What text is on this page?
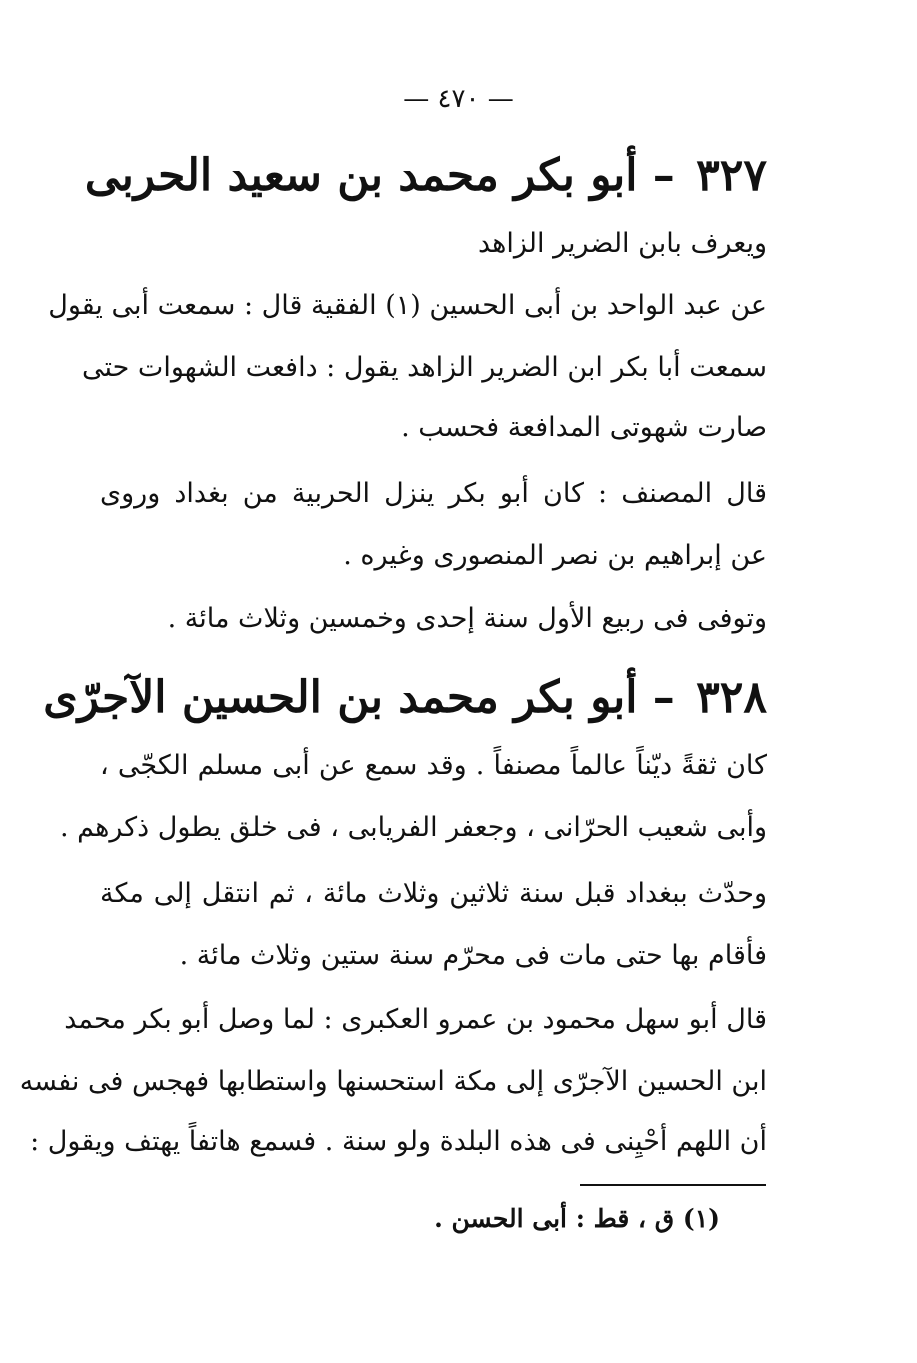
— ٤٧٠ —
٣٢٧ – أبو بكر محمد بن سعيد الحربى
ويعرف بابن الضرير الزاهد
عن عبد الواحد بن أبى الحسين (١) الفقية قال : سمعت أبى يقول
سمعت أبا بكر ابن الضرير الزاهد يقول : دافعت الشهوات حتى
صارت شهوتى المدافعة فحسب .
قال المصنف : كان أبو بكر ينزل الحربية من بغداد وروى
عن إبراهيم بن نصر المنصورى وغيره .
وتوفى فى ربيع الأول سنة إحدى وخمسين وثلاث مائة .
٣٢٨ – أبو بكر محمد بن الحسين الآجرّى
كان ثقةً ديّناً عالماً مصنفاً . وقد سمع عن أبى مسلم الكجّى ،
وأبى شعيب الحرّانى ، وجعفر الفريابى ، فى خلق يطول ذكرهم .
وحدّث ببغداد قبل سنة ثلاثين وثلاث مائة ، ثم انتقل إلى مكة
فأقام بها حتى مات فى محرّم سنة ستين وثلاث مائة .
قال أبو سهل محمود بن عمرو العكبرى : لما وصل أبو بكر محمد
ابن الحسين الآجرّى إلى مكة استحسنها واستطابها فهجس فى نفسه
أن اللهم أحْيِنى فى هذه البلدة ولو سنة . فسمع هاتفاً يهتف ويقول :
(١) ق ، قط : أبى الحسن .
